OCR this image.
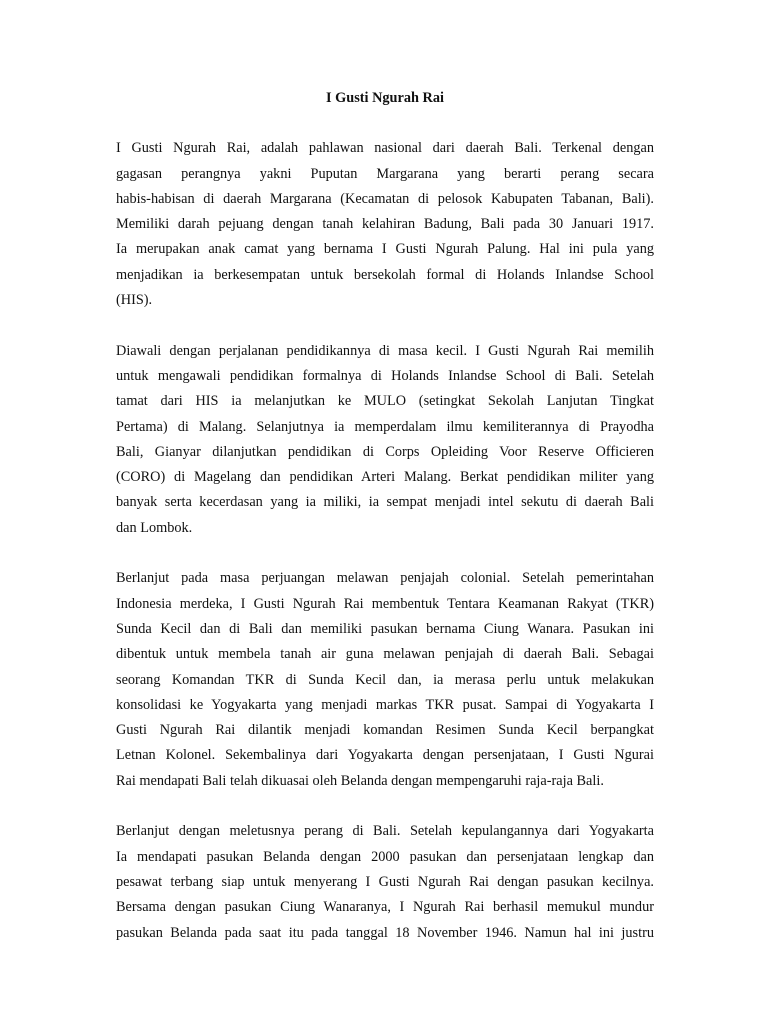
I Gusti Ngurah Rai
I Gusti Ngurah Rai, adalah pahlawan nasional dari daerah Bali. Terkenal dengan
gagasan perangnya yakni Puputan Margarana yang berarti perang secara
habis-habisan di daerah Margarana (Kecamatan di pelosok Kabupaten Tabanan, Bali).
Memiliki darah pejuang dengan tanah kelahiran Badung, Bali pada 30 Januari 1917.
Ia merupakan anak camat yang bernama I Gusti Ngurah Palung. Hal ini pula yang
menjadikan ia berkesempatan untuk bersekolah formal di Holands Inlandse School
(HIS).
Diawali dengan perjalanan pendidikannya di masa kecil. I Gusti Ngurah Rai memilih
untuk mengawali pendidikan formalnya di Holands Inlandse School di Bali. Setelah
tamat dari HIS ia melanjutkan ke MULO (setingkat Sekolah Lanjutan Tingkat
Pertama) di Malang. Selanjutnya ia memperdalam ilmu kemiliterannya di Prayodha
Bali, Gianyar dilanjutkan pendidikan di Corps Opleiding Voor Reserve Officieren
(CORO) di Magelang dan pendidikan Arteri Malang. Berkat pendidikan militer yang
banyak serta kecerdasan yang ia miliki, ia sempat menjadi intel sekutu di daerah Bali
dan Lombok.
Berlanjut pada masa perjuangan melawan penjajah colonial. Setelah pemerintahan
Indonesia merdeka, I Gusti Ngurah Rai membentuk Tentara Keamanan Rakyat (TKR)
Sunda Kecil dan di Bali dan memiliki pasukan bernama Ciung Wanara. Pasukan ini
dibentuk untuk membela tanah air guna melawan penjajah di daerah Bali. Sebagai
seorang Komandan TKR di Sunda Kecil dan, ia merasa perlu untuk melakukan
konsolidasi ke Yogyakarta yang menjadi markas TKR pusat. Sampai di Yogyakarta I
Gusti Ngurah Rai dilantik menjadi komandan Resimen Sunda Kecil berpangkat
Letnan Kolonel. Sekembalinya dari Yogyakarta dengan persenjataan, I Gusti Ngurai
Rai mendapati Bali telah dikuasai oleh Belanda dengan mempengaruhi raja-raja Bali.
Berlanjut dengan meletusnya perang di Bali. Setelah kepulangannya dari Yogyakarta
Ia mendapati pasukan Belanda dengan 2000 pasukan dan persenjataan lengkap dan
pesawat terbang siap untuk menyerang I Gusti Ngurah Rai dengan pasukan kecilnya.
Bersama dengan pasukan Ciung Wanaranya, I Ngurah Rai berhasil memukul mundur
pasukan Belanda pada saat itu pada tanggal 18 November 1946. Namun hal ini justru
